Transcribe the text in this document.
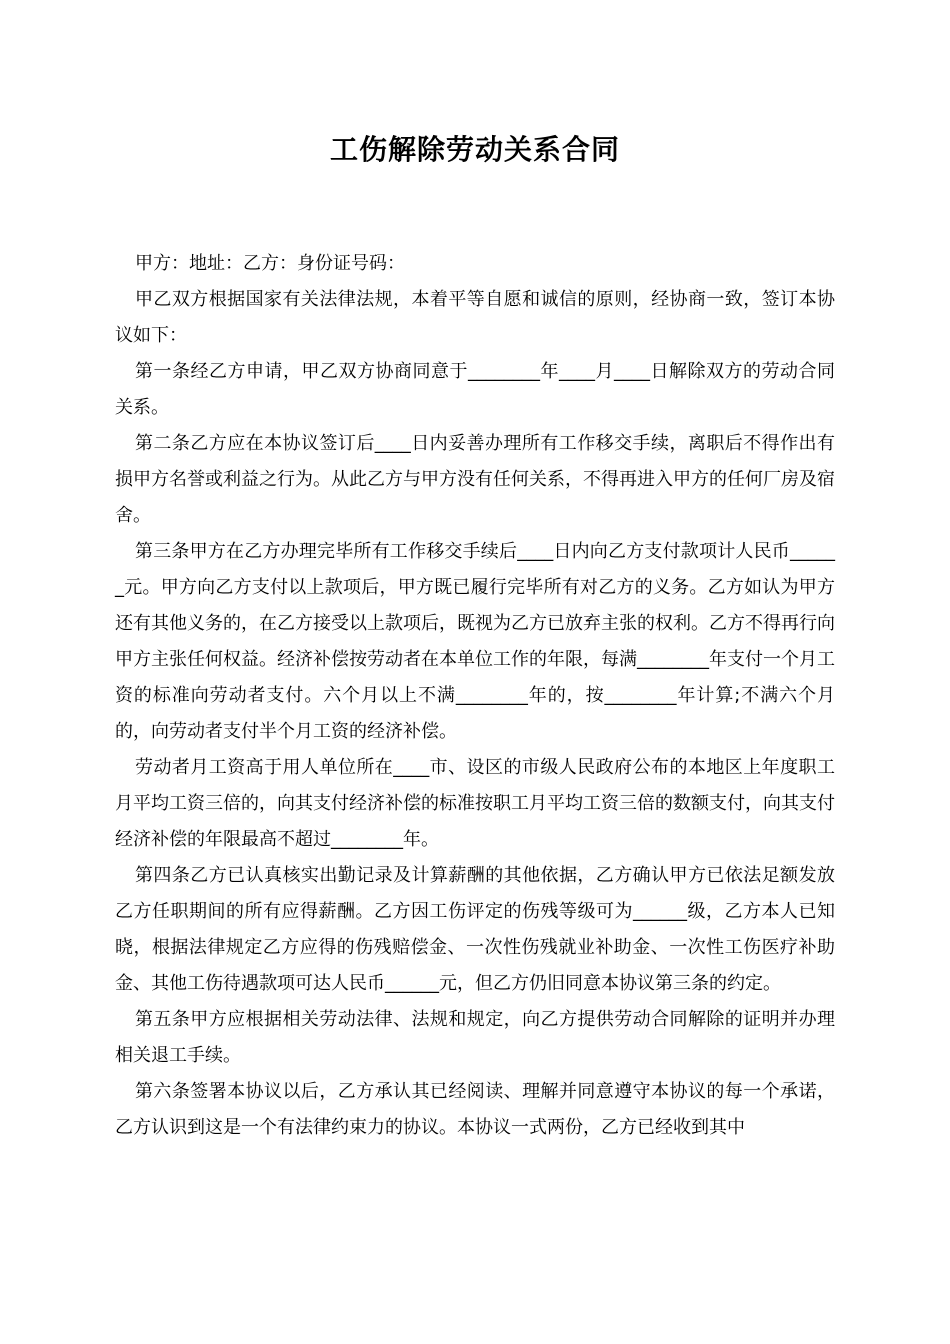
工伤解除劳动关系合同

甲方：地址：乙方：身份证号码：

甲乙双方根据国家有关法律法规，本着平等自愿和诚信的原则，经协商一致，签订本协议如下：

第一条经乙方申请，甲乙双方协商同意于________年____月____日解除双方的劳动合同关系。

第二条乙方应在本协议签订后____日内妥善办理所有工作移交手续，离职后不得作出有损甲方名誉或利益之行为。从此乙方与甲方没有任何关系，不得再进入甲方的任何厂房及宿舍。

第三条甲方在乙方办理完毕所有工作移交手续后____日内向乙方支付款项计人民币______元。甲方向乙方支付以上款项后，甲方既已履行完毕所有对乙方的义务。乙方如认为甲方还有其他义务的，在乙方接受以上款项后，既视为乙方已放弃主张的权利。乙方不得再行向甲方主张任何权益。经济补偿按劳动者在本单位工作的年限，每满________年支付一个月工资的标准向劳动者支付。六个月以上不满________年的，按________年计算;不满六个月的，向劳动者支付半个月工资的经济补偿。

劳动者月工资高于用人单位所在____市、设区的市级人民政府公布的本地区上年度职工月平均工资三倍的，向其支付经济补偿的标准按职工月平均工资三倍的数额支付，向其支付经济补偿的年限最高不超过________年。

第四条乙方已认真核实出勤记录及计算薪酬的其他依据，乙方确认甲方已依法足额发放乙方任职期间的所有应得薪酬。乙方因工伤评定的伤残等级可为______级，乙方本人已知晓，根据法律规定乙方应得的伤残赔偿金、一次性伤残就业补助金、一次性工伤医疗补助金、其他工伤待遇款项可达人民币______元，但乙方仍旧同意本协议第三条的约定。

第五条甲方应根据相关劳动法律、法规和规定，向乙方提供劳动合同解除的证明并办理相关退工手续。

第六条签署本协议以后，乙方承认其已经阅读、理解并同意遵守本协议的每一个承诺，乙方认识到这是一个有法律约束力的协议。本协议一式两份，乙方已经收到其中
